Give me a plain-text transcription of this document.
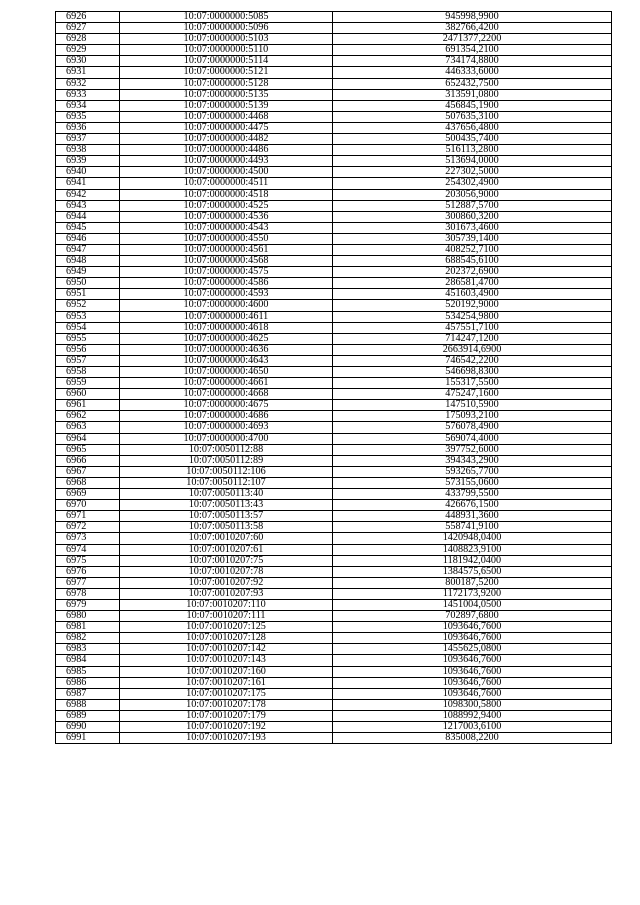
6926	10:07:0000000:5085	945998,9900
6927	10:07:0000000:5096	382766,4200
6928	10:07:0000000:5103	2471377,2200
6929	10:07:0000000:5110	691354,2100
6930	10:07:0000000:5114	734174,8800
6931	10:07:0000000:5121	446333,6000
6932	10:07:0000000:5128	652432,7500
6933	10:07:0000000:5135	313591,0800
6934	10:07:0000000:5139	456845,1900
6935	10:07:0000000:4468	507635,3100
6936	10:07:0000000:4475	437656,4800
6937	10:07:0000000:4482	500435,7400
6938	10:07:0000000:4486	516113,2800
6939	10:07:0000000:4493	513694,0000
6940	10:07:0000000:4500	227302,5000
6941	10:07:0000000:4511	254302,4900
6942	10:07:0000000:4518	203056,9000
6943	10:07:0000000:4525	512887,5700
6944	10:07:0000000:4536	300860,3200
6945	10:07:0000000:4543	301673,4600
6946	10:07:0000000:4550	305739,1400
6947	10:07:0000000:4561	408252,7100
6948	10:07:0000000:4568	688545,6100
6949	10:07:0000000:4575	202372,6900
6950	10:07:0000000:4586	286581,4700
6951	10:07:0000000:4593	451603,4900
6952	10:07:0000000:4600	520192,9000
6953	10:07:0000000:4611	534254,9800
6954	10:07:0000000:4618	457551,7100
6955	10:07:0000000:4625	714247,1200
6956	10:07:0000000:4636	2663914,6900
6957	10:07:0000000:4643	746542,2200
6958	10:07:0000000:4650	546698,8300
6959	10:07:0000000:4661	155317,5500
6960	10:07:0000000:4668	475247,1600
6961	10:07:0000000:4675	147510,5900
6962	10:07:0000000:4686	175093,2100
6963	10:07:0000000:4693	576078,4900
6964	10:07:0000000:4700	569074,4000
6965	10:07:0050112:88	397752,6000
6966	10:07:0050112:89	394343,2900
6967	10:07:0050112:106	593265,7700
6968	10:07:0050112:107	573155,0600
6969	10:07:0050113:40	433799,5500
6970	10:07:0050113:43	426676,1500
6971	10:07:0050113:57	448931,3600
6972	10:07:0050113:58	558741,9100
6973	10:07:0010207:60	1420948,0400
6974	10:07:0010207:61	1408823,9100
6975	10:07:0010207:75	1181942,0400
6976	10:07:0010207:78	1384575,6500
6977	10:07:0010207:92	800187,5200
6978	10:07:0010207:93	1172173,9200
6979	10:07:0010207:110	1451004,0500
6980	10:07:0010207:111	702897,6800
6981	10:07:0010207:125	1093646,7600
6982	10:07:0010207:128	1093646,7600
6983	10:07:0010207:142	1455625,0800
6984	10:07:0010207:143	1093646,7600
6985	10:07:0010207:160	1093646,7600
6986	10:07:0010207:161	1093646,7600
6987	10:07:0010207:175	1093646,7600
6988	10:07:0010207:178	1098300,5800
6989	10:07:0010207:179	1088992,9400
6990	10:07:0010207:192	1217003,6100
6991	10:07:0010207:193	835008,2200
